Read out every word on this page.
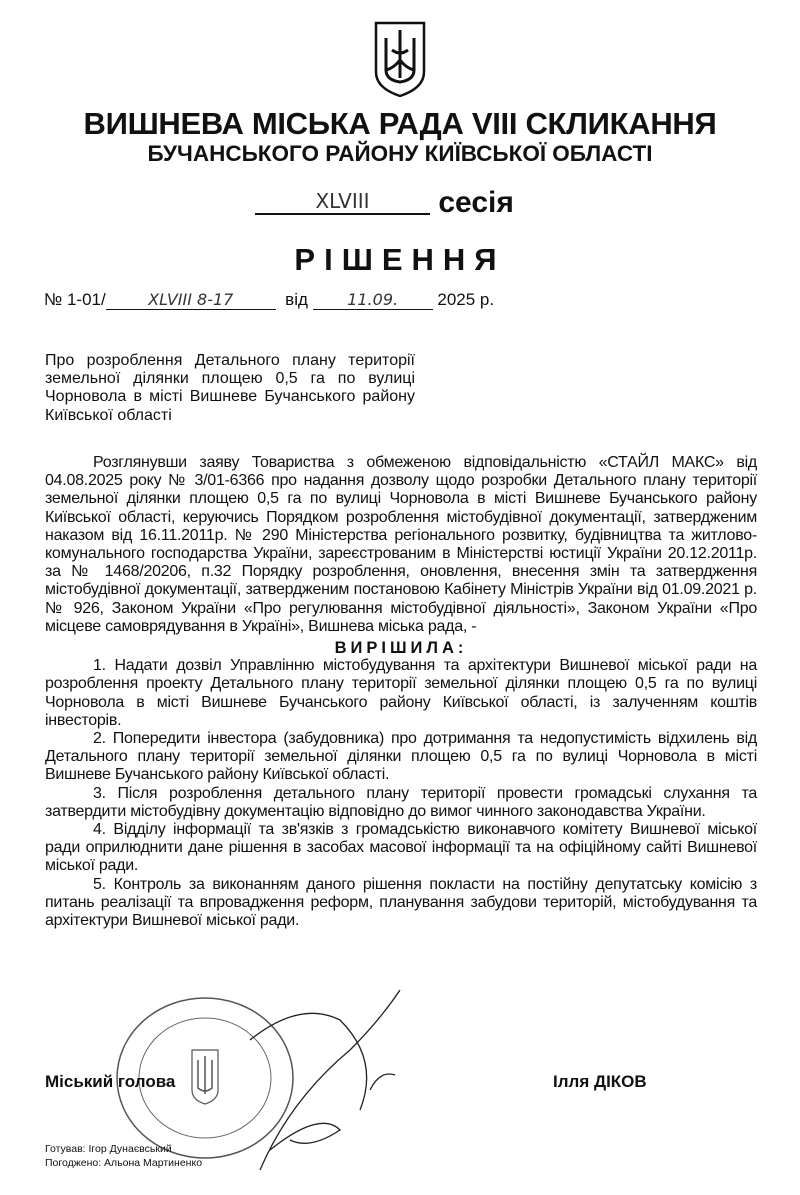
ВИШНЕВА МІСЬКА РАДА VIII СКЛИКАННЯ
БУЧАНСЬКОГО РАЙОНУ КИЇВСЬКОЇ ОБЛАСТІ
XLVIII сесія
РІШЕННЯ
№ 1-01/	XLVIII 8-17	від 11.09. 2025 р.
Про розроблення Детального плану території земельної ділянки площею 0,5 га по вулиці Чорновола в місті Вишневе Бучанського району Київської області

Розглянувши заяву Товариства з обмеженою відповідальністю «СТАЙЛ МАКС» від 04.08.2025 року № 3/01-6366 про надання дозволу щодо розробки Детального плану території земельної ділянки площею 0,5 га по вулиці Чорновола в місті Вишневе Бучанського району Київської області, керуючись Порядком розроблення містобудівної документації, затвердженим наказом від 16.11.2011р. № 290 Міністерства регіонального розвитку, будівництва та житлово-комунального господарства України, зареєстрованим в Міністерстві юстиції України 20.12.2011р. за № 1468/20206, п.32 Порядку розроблення, оновлення, внесення змін та затвердження містобудівної документації, затвердженим постановою Кабінету Міністрів України від 01.09.2021 р. № 926, Законом України «Про регулювання містобудівної діяльності», Законом України «Про місцеве самоврядування в Україні», Вишнева міська рада, -

ВИРІШИЛА:

1. Надати дозвіл Управлінню містобудування та архітектури Вишневої міської ради на розроблення проекту Детального плану території земельної ділянки площею 0,5 га по вулиці Чорновола в місті Вишневе Бучанського району Київської області, із залученням коштів інвесторів.

2. Попередити інвестора (забудовника) про дотримання та недопустимість відхилень від Детального плану території земельної ділянки площею 0,5 га по вулиці Чорновола в місті Вишневе Бучанського району Київської області.

3. Після розроблення детального плану території провести громадські слухання та затвердити містобудівну документацію відповідно до вимог чинного законодавства України.

4. Відділу інформації та зв'язків з громадськістю виконавчого комітету Вишневої міської ради оприлюднити дане рішення в засобах масової інформації та на офіційному сайті Вишневої міської ради.

5. Контроль за виконанням даного рішення покласти на постійну депутатську комісію з питань реалізації та впровадження реформ, планування забудови територій, містобудування та архітектури Вишневої міської ради.

Міський голова	Ілля ДІКОВ
Готував: Ігор Дунаєвський
Погоджено: Альона Мартиненко
